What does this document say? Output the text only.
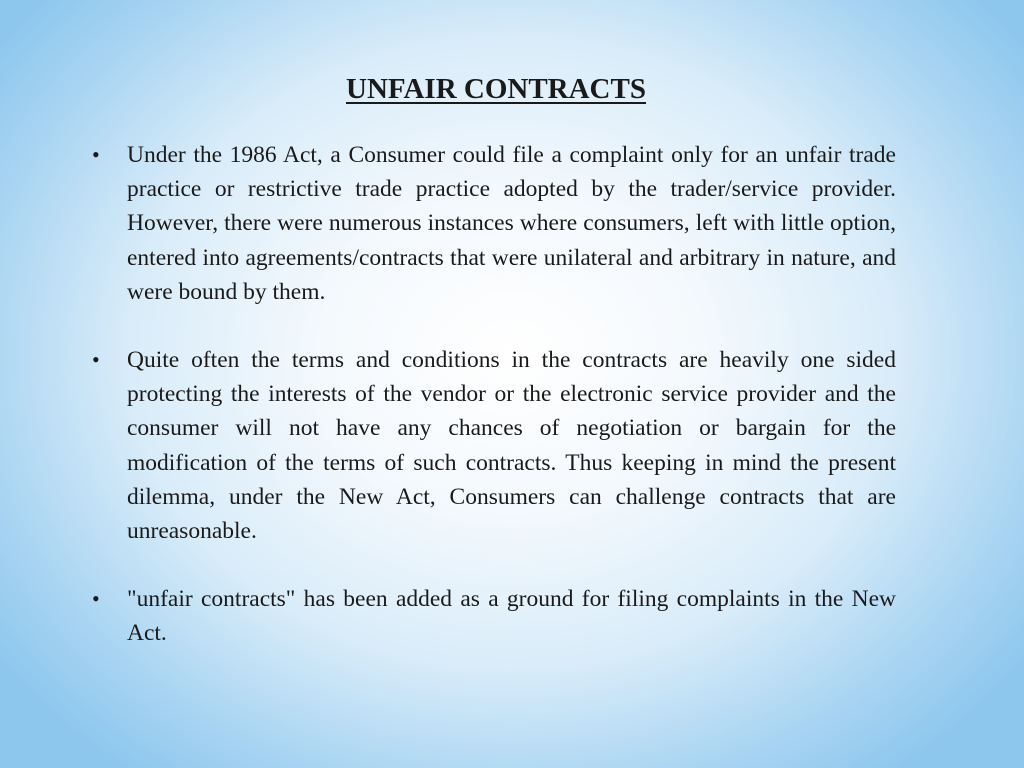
UNFAIR CONTRACTS
• Under the 1986 Act, a Consumer could file a complaint only for an unfair trade practice or restrictive trade practice adopted by the trader/service provider. However, there were numerous instances where consumers, left with little option, entered into agreements/contracts that were unilateral and arbitrary in nature, and were bound by them.
• Quite often the terms and conditions in the contracts are heavily one sided protecting the interests of the vendor or the electronic service provider and the consumer will not have any chances of negotiation or bargain for the modification of the terms of such contracts. Thus keeping in mind the present dilemma, under the New Act, Consumers can challenge contracts that are unreasonable.
• "unfair contracts" has been added as a ground for filing complaints in the New Act.
